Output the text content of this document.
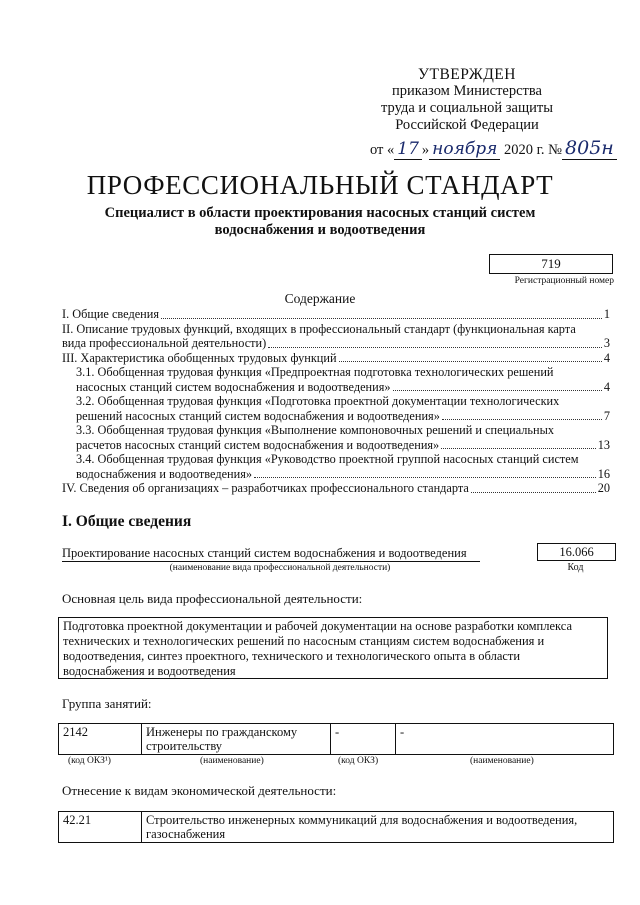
УТВЕРЖДЕН
приказом Министерства
труда и социальной защиты
Российской Федерации
от « 17 » ноября 2020 г. № 805н
ПРОФЕССИОНАЛЬНЫЙ СТАНДАРТ
Специалист в области проектирования насосных станций систем водоснабжения и водоотведения
719
Регистрационный номер
Содержание
I. Общие сведения	1
II. Описание трудовых функций, входящих в профессиональный стандарт (функциональная карта
вида профессиональной деятельности)	3
III. Характеристика обобщенных трудовых функций	4
3.1. Обобщенная трудовая функция «Предпроектная подготовка технологических решений
насосных станций систем водоснабжения и водоотведения»	4
3.2. Обобщенная трудовая функция «Подготовка проектной документации технологических
решений насосных станций систем водоснабжения и водоотведения»	7
3.3. Обобщенная трудовая функция «Выполнение компоновочных решений и специальных
расчетов насосных станций систем водоснабжения и водоотведения»	13
3.4. Обобщенная трудовая функция «Руководство проектной группой насосных станций систем
водоснабжения и водоотведения»	16
IV. Сведения об организациях – разработчиках профессионального стандарта	20
I. Общие сведения
Проектирование насосных станций систем водоснабжения и водоотведения
(наименование вида профессиональной деятельности)
16.066
Код
Основная цель вида профессиональной деятельности:
Подготовка проектной документации и рабочей документации на основе разработки комплекса технических и технологических решений по насосным станциям систем водоснабжения и водоотведения, синтез проектного, технического и технологического опыта в области водоснабжения и водоотведения
Группа занятий:
2142	Инженеры по гражданскому строительству	-	-
(код ОКЗ¹)	(наименование)	(код ОКЗ)	(наименование)
Отнесение к видам экономической деятельности:
42.21	Строительство инженерных коммуникаций для водоснабжения и водоотведения, газоснабжения
